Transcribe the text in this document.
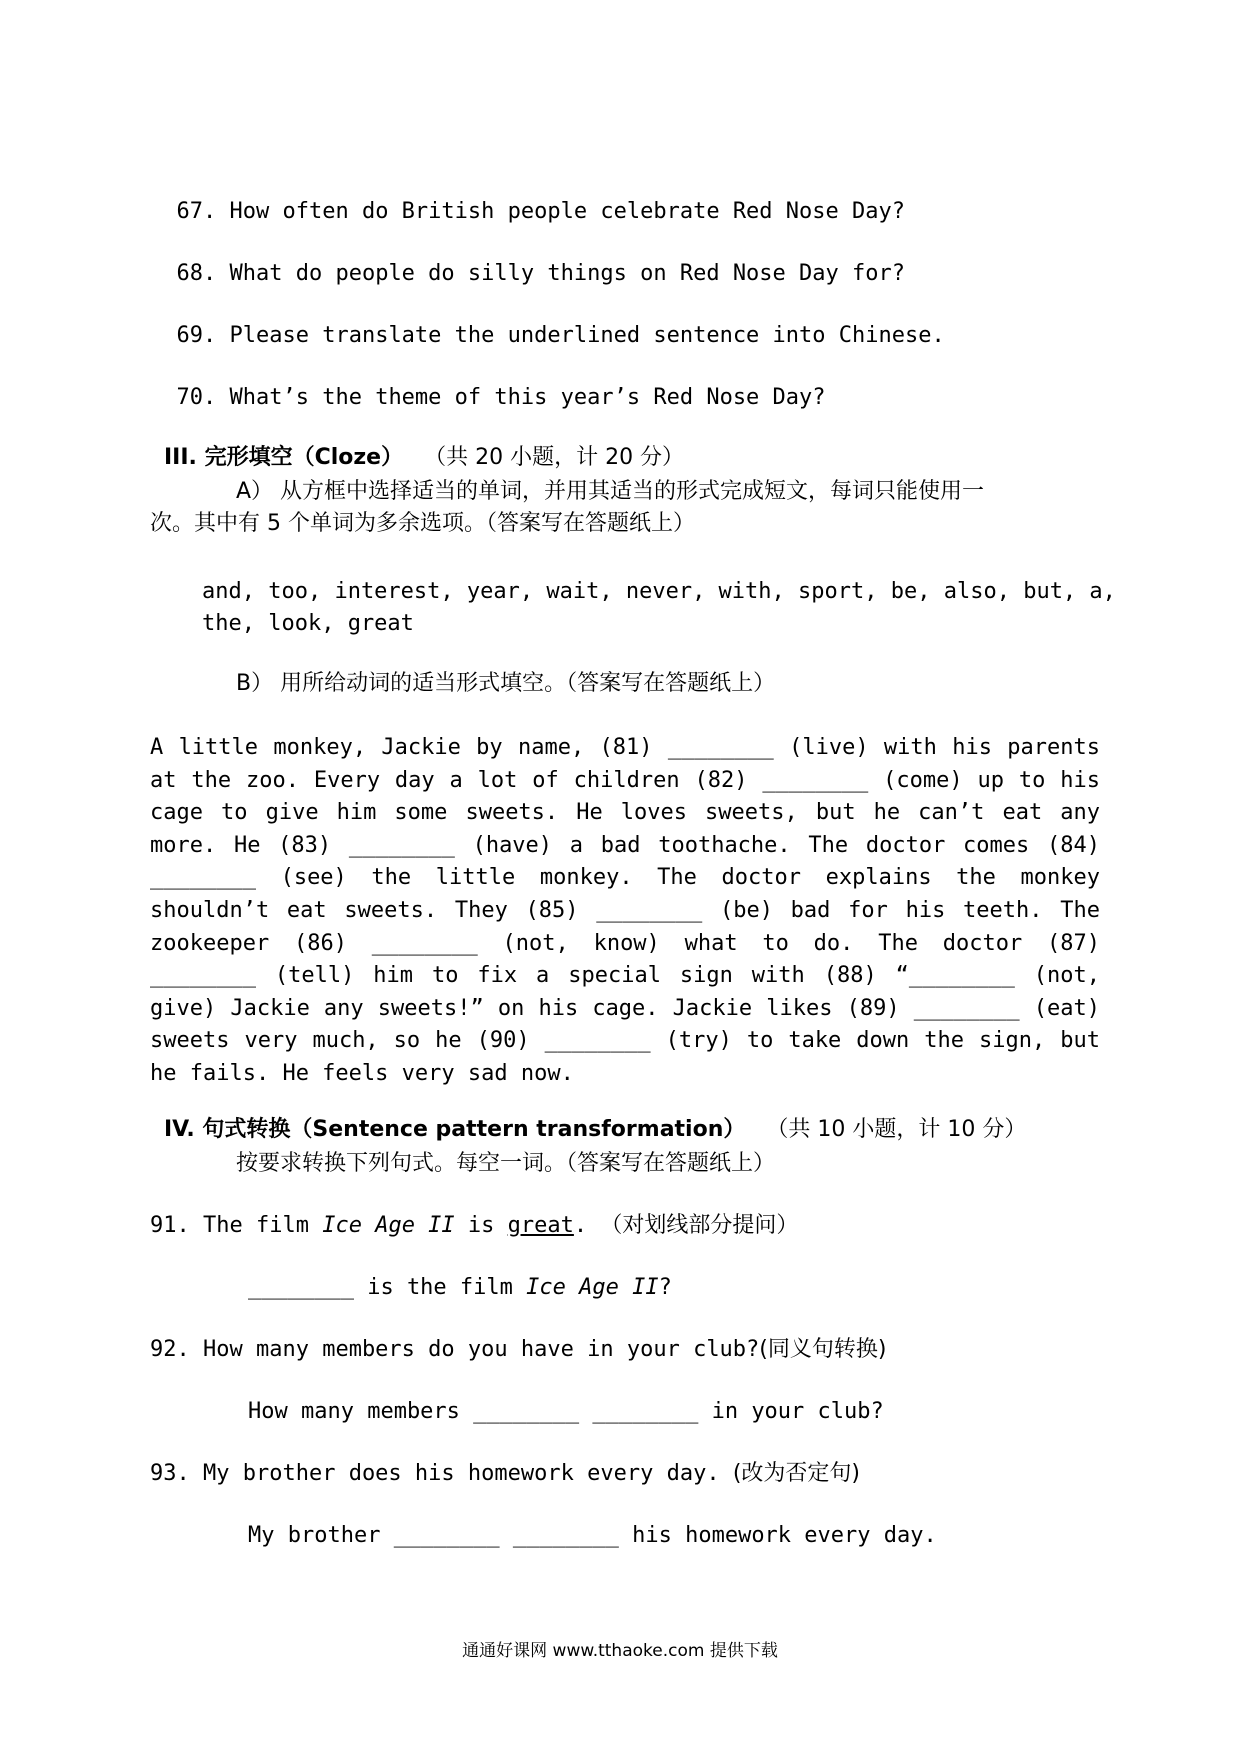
67. How often do British people celebrate Red Nose Day?

68. What do people do silly things on Red Nose Day for?

69. Please translate the underlined sentence into Chinese.

70. What’s the theme of this year’s Red Nose Day?

III. 完形填空（Cloze） （共 20 小题，计 20 分）

A） 从方框中选择适当的单词，并用其适当的形式完成短文，每词只能使用一
次。其中有 5 个单词为多余选项。（答案写在答题纸上）
and, too, interest, year, wait, never, with, sport, be, also, but, a,
the, look, great
B） 用所给动词的适当形式填空。（答案写在答题纸上）
A little monkey, Jackie by name, (81) ________ (live) with his parents at the zoo. Every day a lot of children (82) ________ (come) up to his cage to give him some sweets. He loves sweets, but he can’t eat any more. He (83) ________ (have) a bad toothache. The doctor comes (84) ________ (see) the little monkey. The doctor explains the monkey shouldn’t eat sweets. They (85) ________ (be) bad for his teeth. The zookeeper (86) ________ (not, know) what to do. The doctor (87) ________ (tell) him to fix a special sign with (88) “________ (not, give) Jackie any sweets!” on his cage. Jackie likes (89) ________ (eat) sweets very much, so he (90) ________ (try) to take down the sign, but he fails. He feels very sad now.

IV. 句式转换（Sentence pattern transformation） （共 10 小题，计 10 分）

按要求转换下列句式。每空一词。（答案写在答题纸上）
91. The film Ice Age II is great. （对划线部分提问）
________ is the film Ice Age II?
92. How many members do you have in your club?(同义句转换)
How many members ________ ________ in your club?
93. My brother does his homework every day. (改为否定句)
My brother ________ ________ his homework every day.
通通好课网 www.tthaoke.com 提供下载
